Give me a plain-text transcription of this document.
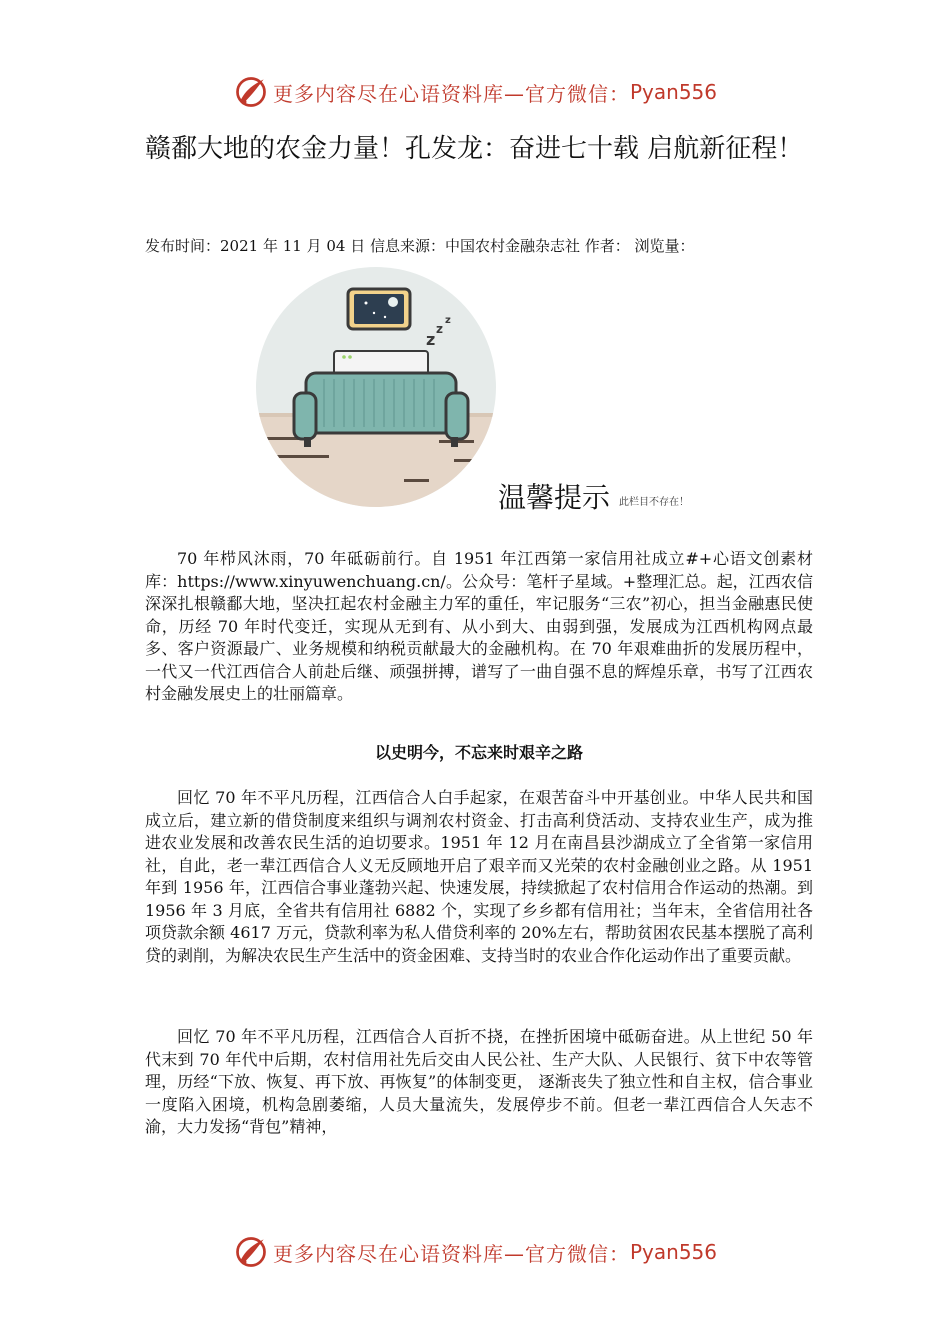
更多内容尽在心语资料库—官方微信： Pyan556
赣鄱大地的农金力量！孔发龙：奋进七十载 启航新征程！
发布时间：2021 年 11 月 04 日 信息来源：中国农村金融杂志社 作者： 浏览量：
z
z
z
温馨提示 此栏目不存在！

70 年栉风沐雨，70 年砥砺前行。自 1951 年江西第一家信用社成立#+心语文创素材库：https://www.xinyuwenchuang.cn/。公众号：笔杆子星域。+整理汇总。起，江西农信深深扎根赣鄱大地，坚决扛起农村金融主力军的重任，牢记服务“三农”初心，担当金融惠民使命，历经 70 年时代变迁，实现从无到有、从小到大、由弱到强，发展成为江西机构网点最多、客户资源最广、业务规模和纳税贡献最大的金融机构。在 70 年艰难曲折的发展历程中，一代又一代江西信合人前赴后继、顽强拼搏，谱写了一曲自强不息的辉煌乐章，书写了江西农村金融发展史上的壮丽篇章。

以史明今，不忘来时艰辛之路

回忆 70 年不平凡历程，江西信合人白手起家，在艰苦奋斗中开基创业。中华人民共和国成立后，建立新的借贷制度来组织与调剂农村资金、打击高利贷活动、支持农业生产，成为推进农业发展和改善农民生活的迫切要求。1951 年 12 月在南昌县沙湖成立了全省第一家信用社，自此，老一辈江西信合人义无反顾地开启了艰辛而又光荣的农村金融创业之路。从 1951 年到 1956 年，江西信合事业蓬勃兴起、快速发展，持续掀起了农村信用合作运动的热潮。到 1956 年 3 月底，全省共有信用社 6882 个，实现了乡乡都有信用社；当年末，全省信用社各项贷款余额 4617 万元，贷款利率为私人借贷利率的 20%左右，帮助贫困农民基本摆脱了高利贷的剥削，为解决农民生产生活中的资金困难、支持当时的农业合作化运动作出了重要贡献。

回忆 70 年不平凡历程，江西信合人百折不挠，在挫折困境中砥砺奋进。从上世纪 50 年代末到 70 年代中后期，农村信用社先后交由人民公社、生产大队、人民银行、贫下中农等管理，历经“下放、恢复、再下放、再恢复”的体制变更， 逐渐丧失了独立性和自主权，信合事业一度陷入困境，机构急剧萎缩，人员大量流失，发展停步不前。但老一辈江西信合人矢志不渝，大力发扬“背包”精神，

更多内容尽在心语资料库—官方微信： Pyan556
